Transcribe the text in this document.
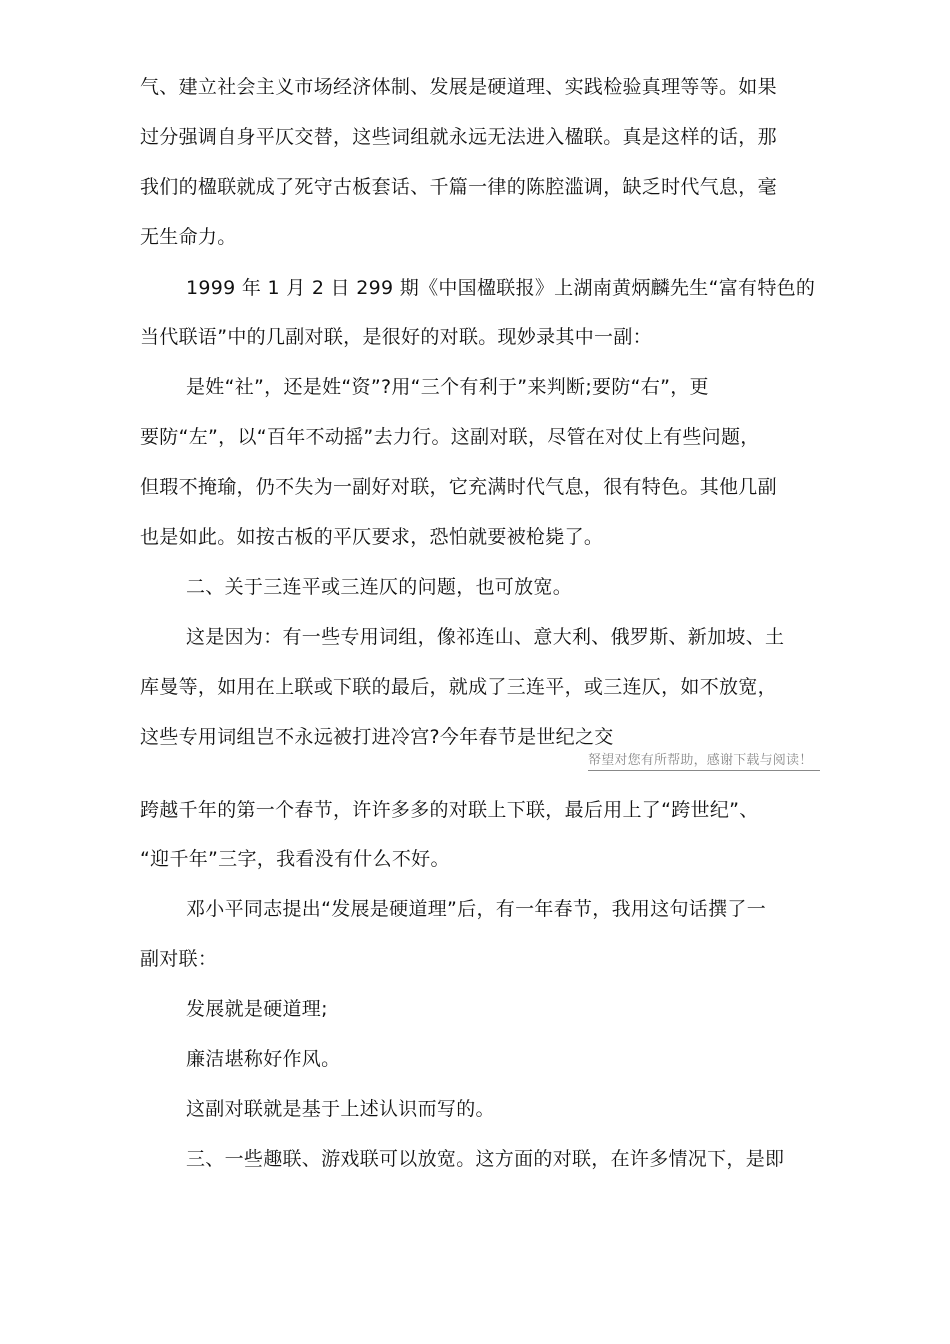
气、建立社会主义市场经济体制、发展是硬道理、实践检验真理等等。如果
过分强调自身平仄交替，这些词组就永远无法进入楹联。真是这样的话，那
我们的楹联就成了死守古板套话、千篇一律的陈腔滥调，缺乏时代气息，毫
无生命力。
1999 年 1 月 2 日 299 期《中国楹联报》上湖南黄炳麟先生“富有特色的
当代联语”中的几副对联，是很好的对联。现妙录其中一副：
是姓“社”，还是姓“资”?用“三个有利于”来判断;要防“右”，更
要防“左”，以“百年不动摇”去力行。这副对联，尽管在对仗上有些问题，
但瑕不掩瑜，仍不失为一副好对联，它充满时代气息，很有特色。其他几副
也是如此。如按古板的平仄要求，恐怕就要被枪毙了。
二、关于三连平或三连仄的问题，也可放宽。
这是因为：有一些专用词组，像祁连山、意大利、俄罗斯、新加坡、土
库曼等，如用在上联或下联的最后，就成了三连平，或三连仄，如不放宽，
这些专用词组岂不永远被打进冷宫?今年春节是世纪之交
帑望对您有所帮助，感谢下载与阅读！
跨越千年的第一个春节，许许多多的对联上下联，最后用上了“跨世纪”、
“迎千年”三字，我看没有什么不好。
邓小平同志提出“发展是硬道理”后，有一年春节，我用这句话撰了一
副对联：
发展就是硬道理;
廉洁堪称好作风。
这副对联就是基于上述认识而写的。
三、一些趣联、游戏联可以放宽。这方面的对联，在许多情况下，是即
